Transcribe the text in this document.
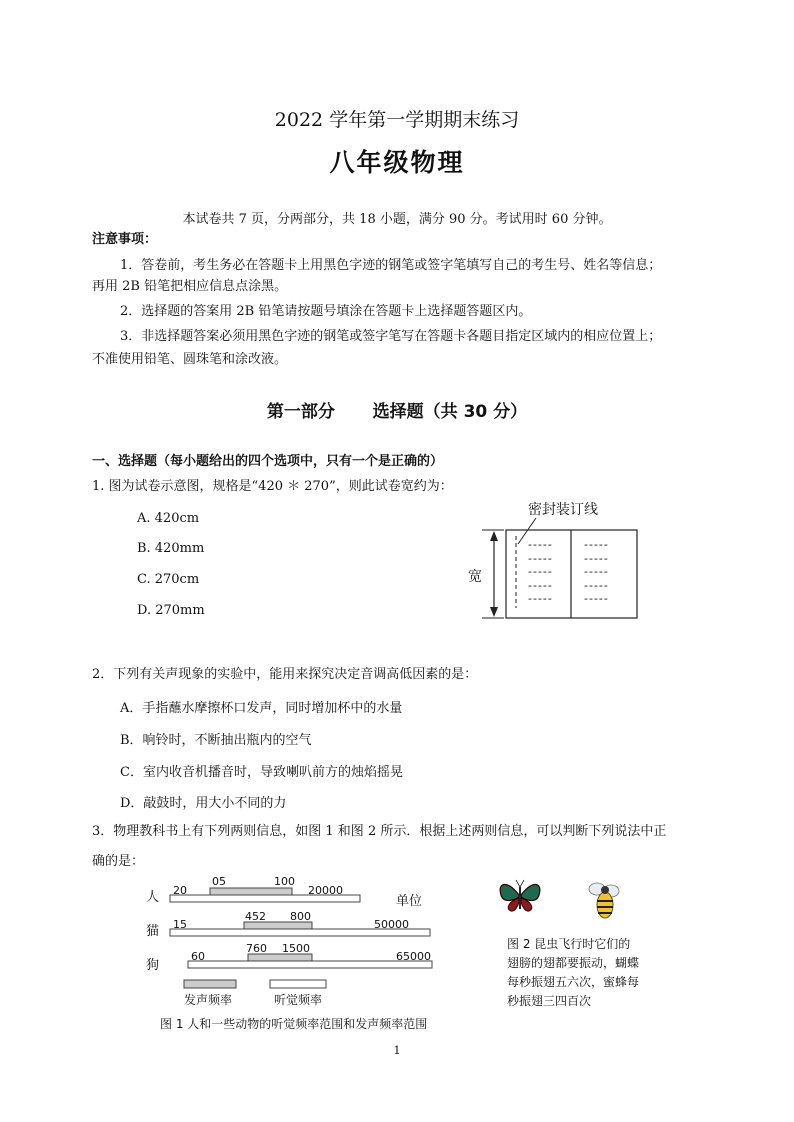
2022 学年第一学期期末练习
八年级物理
本试卷共 7 页，分两部分，共 18 小题，满分 90 分。考试用时 60 分钟。
注意事项：
1．答卷前，考生务必在答题卡上用黑色字迹的钢笔或签字笔填写自己的考生号、姓名等信息；
再用 2B 铅笔把相应信息点涂黑。
2．选择题的答案用 2B 铅笔请按题号填涂在答题卡上选择题答题区内。
3．非选择题答案必须用黑色字迹的钢笔或签字笔写在答题卡各题目指定区域内的相应位置上；
不准使用铅笔、圆珠笔和涂改液。
第一部分 选择题（共 30 分）
一、选择题（每小题给出的四个选项中，只有一个是正确的）
1. 图为试卷示意图，规格是“420 ＊ 270”，则此试卷宽约为：
A. 420cm
B. 420mm
C. 270cm
D. 270mm
密封装订线
宽
-----
-----
-----
-----
-----
-----
-----
-----
-----
-----
2．下列有关声现象的实验中，能用来探究决定音调高低因素的是：
A．手指蘸水摩擦杯口发声，同时增加杯中的水量
B．响铃时，不断抽出瓶内的空气
C．室内收音机播音时，导致喇叭前方的烛焰摇晃
D．敲鼓时，用大小不同的力
3．物理教科书上有下列两则信息，如图 1 和图 2 所示．根据上述两则信息，可以判断下列说法中正
确的是：
人 20
05	100
20000
单位
猫 15
452 800
50000
狗
60
760 1500
65000
发声频率	听觉频率
图 1 人和一些动物的听觉频率范围和发声频率范围
图 2 昆虫飞行时它们的
翅膀的翅都要振动，蝴蝶
每秒振翅五六次，蜜蜂每
秒振翅三四百次
1
